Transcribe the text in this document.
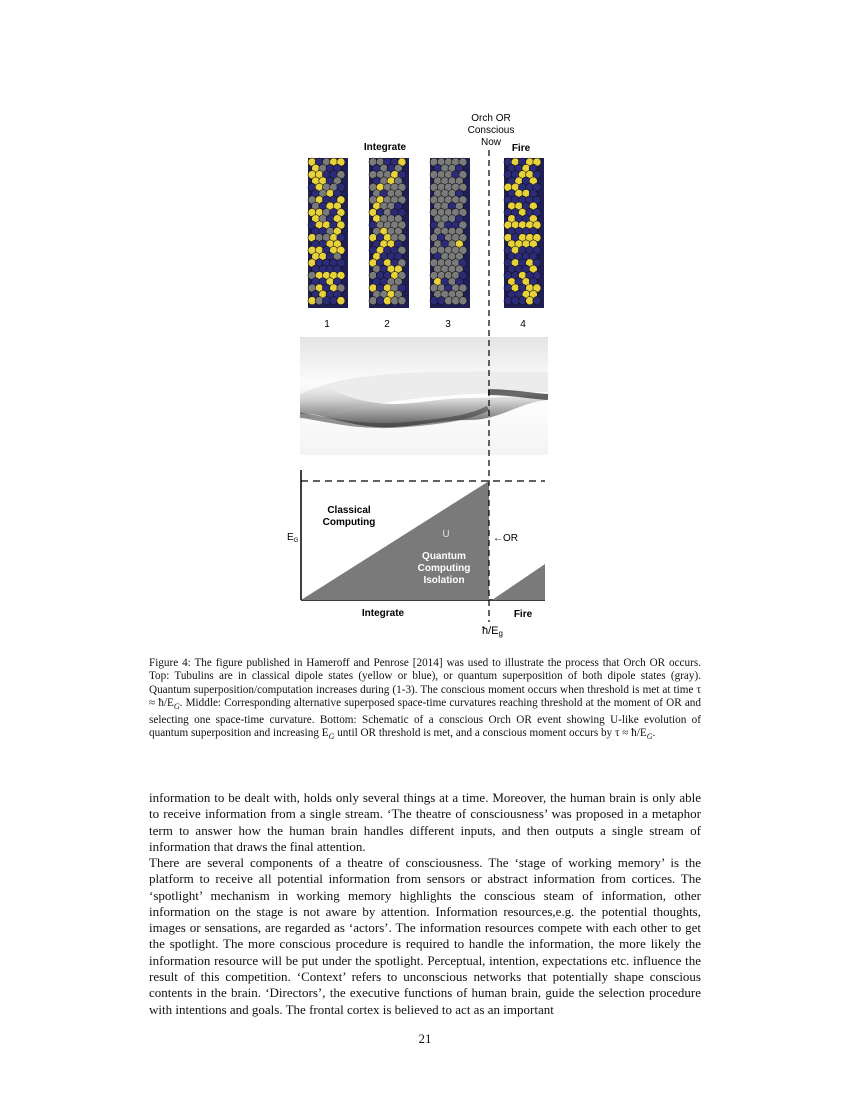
Orch OR
Conscious
Now
Integrate	Fire
1	2	3	4
Classical
Computing
U
Quantum
Computing
Isolation
$E_G$	←OR
Integrate	Fire
ħ/Eg
Figure 4: The figure published in Hameroff and Penrose [2014] was used to illustrate the process that Orch OR occurs. Top: Tubulins are in classical dipole states (yellow or blue), or quantum superposition of both dipole states (gray). Quantum superposition/computation increases during (1-3). The conscious moment occurs when threshold is met at time $\tau \approx ħ/E_G$. Middle: Corresponding alternative superposed space-time curvatures reaching threshold at the moment of OR and selecting one space-time curvature. Bottom: Schematic of a conscious Orch OR event showing U-like evolution of quantum superposition and increasing $E_G$ until OR threshold is met, and a conscious moment occurs by $\tau \approx ħ/E_G$.

information to be dealt with, holds only several things at a time. Moreover, the human brain is only able to receive information from a single stream. ‘The theatre of consciousness’ was proposed in a metaphor term to answer how the human brain handles different inputs, and then outputs a single stream of information that draws the final attention.

There are several components of a theatre of consciousness. The ‘stage of working memory’ is the platform to receive all potential information from sensors or abstract information from cortices. The ‘spotlight’ mechanism in working memory highlights the conscious steam of information, other information on the stage is not aware by attention. Information resources,e.g. the potential thoughts, images or sensations, are regarded as ‘actors’. The information resources compete with each other to get the spotlight. The more conscious procedure is required to handle the information, the more likely the information resource will be put under the spotlight. Perceptual, intention, expectations etc. influence the result of this competition. ‘Context’ refers to unconscious networks that potentially shape conscious contents in the brain. ‘Directors’, the executive functions of human brain, guide the selection procedure with intentions and goals. The frontal cortex is believed to act as an important

21
